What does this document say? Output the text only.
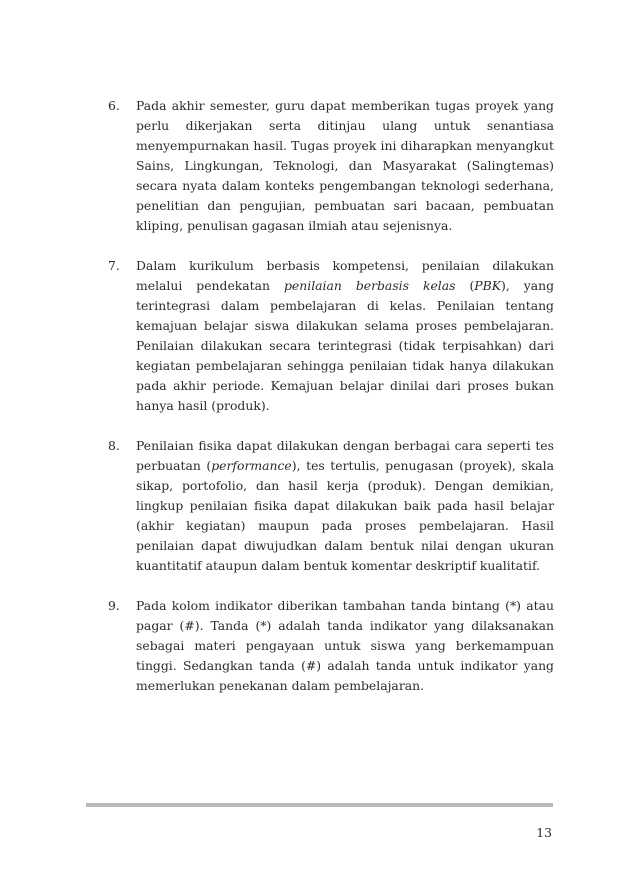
6.	Pada akhir semester, guru dapat memberikan tugas proyek yang perlu dikerjakan serta ditinjau ulang untuk senantiasa menyempurnakan hasil. Tugas proyek ini diharapkan menyangkut Sains, Lingkungan, Teknologi, dan Masyarakat (Salingtemas) secara nyata dalam konteks pengembangan teknologi sederhana, penelitian dan pengujian, pembuatan sari bacaan, pembuatan kliping, penulisan gagasan ilmiah atau sejenisnya.
7.	Dalam kurikulum berbasis kompetensi, penilaian dilakukan melalui pendekatan penilaian berbasis kelas (PBK), yang terintegrasi dalam pembelajaran di kelas. Penilaian tentang kemajuan belajar siswa dilakukan selama proses pembelajaran. Penilaian dilakukan secara terintegrasi (tidak terpisahkan) dari kegiatan pembelajaran sehingga penilaian tidak hanya dilakukan pada akhir periode. Kemajuan belajar dinilai dari proses bukan hanya hasil (produk).
8.	Penilaian fisika dapat dilakukan dengan berbagai cara seperti tes perbuatan (performance), tes tertulis, penugasan (proyek), skala sikap, portofolio, dan hasil kerja (produk). Dengan demikian, lingkup penilaian fisika dapat dilakukan baik pada hasil belajar (akhir kegiatan) maupun pada proses pembelajaran. Hasil penilaian dapat diwujudkan dalam bentuk nilai dengan ukuran kuantitatif ataupun dalam bentuk komentar deskriptif kualitatif.
9.	Pada kolom indikator diberikan tambahan tanda bintang (*) atau pagar (#). Tanda (*) adalah tanda indikator yang dilaksanakan sebagai materi pengayaan untuk siswa yang berkemampuan tinggi. Sedangkan tanda (#) adalah tanda untuk indikator yang memerlukan penekanan dalam pembelajaran.
13
